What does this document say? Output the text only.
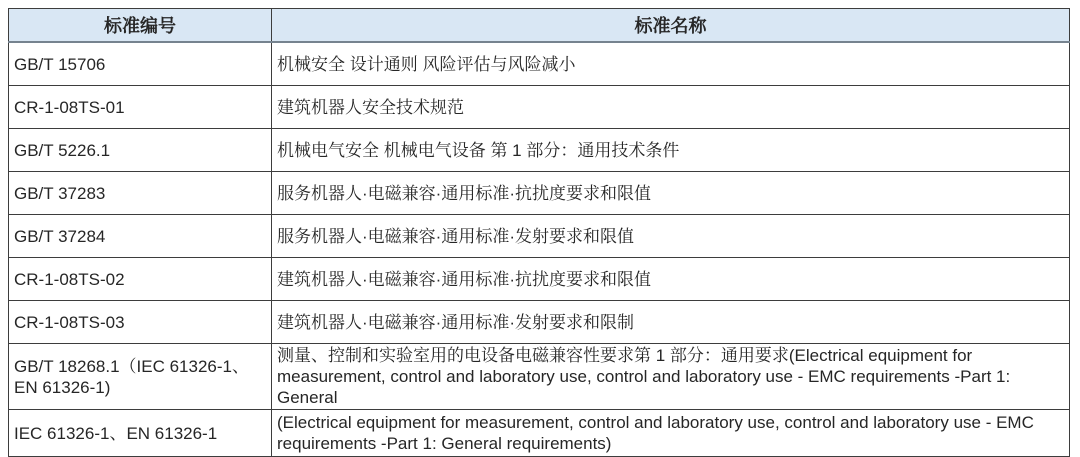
标准编号	标准名称
GB/T 15706	机械安全 设计通则 风险评估与风险减小
CR-1-08TS-01	建筑机器人安全技术规范
GB/T 5226.1	机械电气安全 机械电气设备 第 1 部分：通用技术条件
GB/T 37283	服务机器人·电磁兼容·通用标准·抗扰度要求和限值
GB/T 37284	服务机器人·电磁兼容·通用标准·发射要求和限值
CR-1-08TS-02	建筑机器人·电磁兼容·通用标准·抗扰度要求和限值
CR-1-08TS-03	建筑机器人·电磁兼容·通用标准·发射要求和限制
GB/T 18268.1（IEC 61326-1、EN 61326-1)	测量、控制和实验室用的电设备电磁兼容性要求第 1 部分：通用要求(Electrical equipment for measurement, control and laboratory use, control and laboratory use - EMC requirements -Part 1: General
IEC 61326-1、EN 61326-1	(Electrical equipment for measurement, control and laboratory use, control and laboratory use - EMC requirements -Part 1: General requirements)
